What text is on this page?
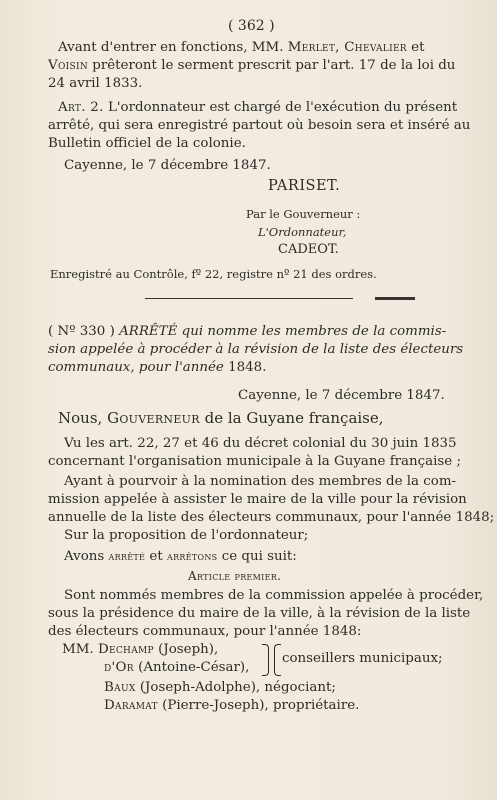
( 362 )
Avant d'entrer en fonctions, MM. Merlet, Chevalier et
Voisin prêteront le serment prescrit par l'art. 17 de la loi du
24 avril 1833.
Art. 2. L'ordonnateur est chargé de l'exécution du présent
arrêté, qui sera enregistré partout où besoin sera et inséré au
Bulletin officiel de la colonie.
Cayenne, le 7 décembre 1847.
PARISET.
Par le Gouverneur :
L'Ordonnateur,
CADEOT.
Enregistré au Contrôle, fº 22, registre nº 21 des ordres.
( Nº 330 ) ARRÊTÉ qui nomme les membres de la commis-
sion appelée à procéder à la révision de la liste des électeurs
communaux, pour l'année 1848.
Cayenne, le 7 décembre 1847.
Nous, Gouverneur de la Guyane française,
Vu les art. 22, 27 et 46 du décret colonial du 30 juin 1835
concernant l'organisation municipale à la Guyane française ;
Ayant à pourvoir à la nomination des membres de la com-
mission appelée à assister le maire de la ville pour la révision
annuelle de la liste des électeurs communaux, pour l'année 1848;
Sur la proposition de l'ordonnateur;
Avons arrêté et arrêtons ce qui suit:
Article premier.
Sont nommés membres de la commission appelée à procéder,
sous la présidence du maire de la ville, à la révision de la liste
des électeurs communaux, pour l'année 1848:
MM. Dechamp (Joseph),
d'Or (Antoine-César),
conseillers municipaux;
Baux (Joseph-Adolphe), négociant;
Daramat (Pierre-Joseph), propriétaire.
